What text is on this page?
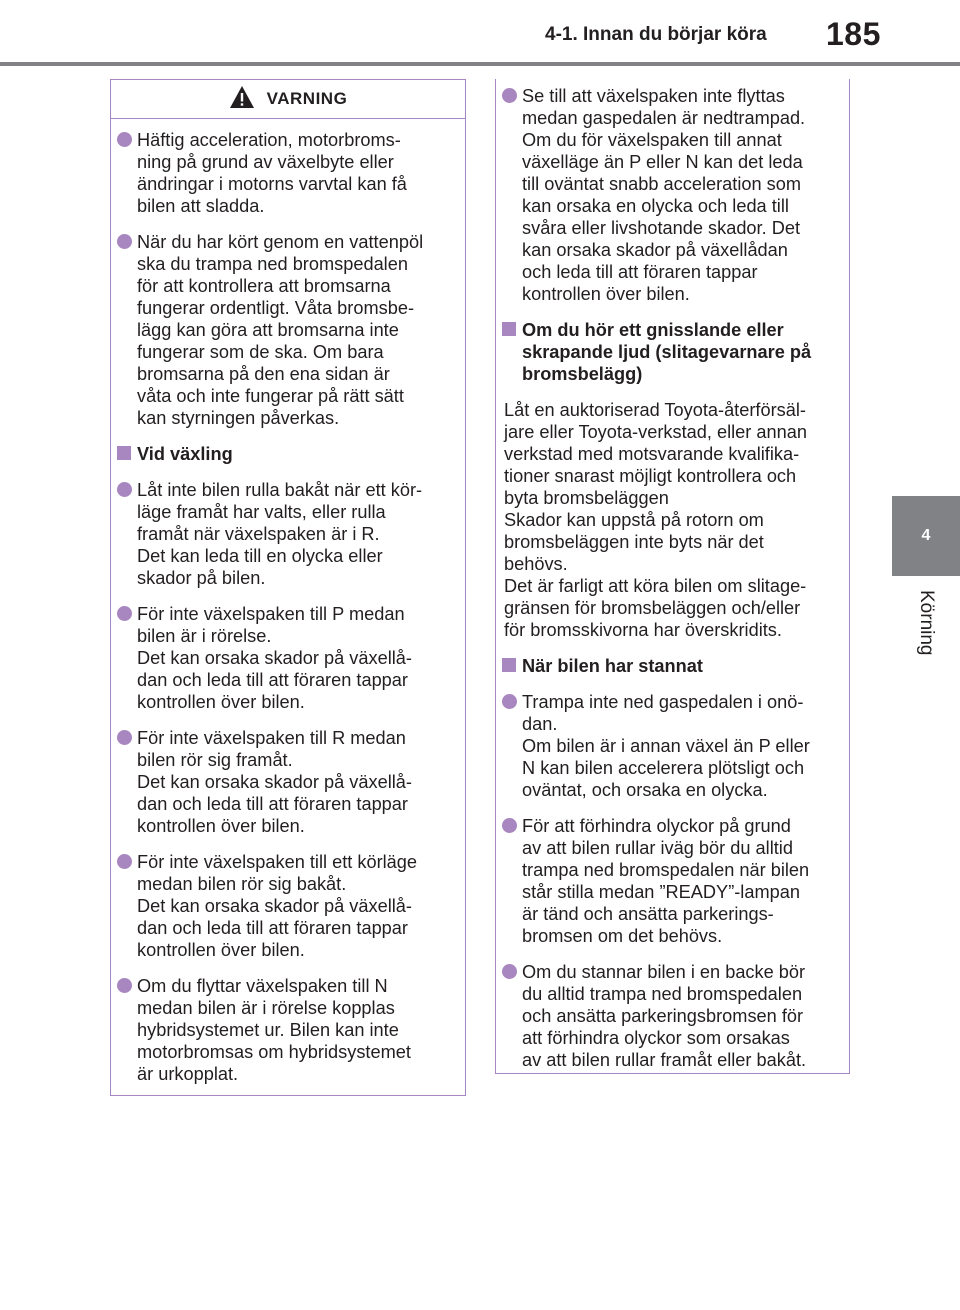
4-1. Innan du börjar köra 185
4
Körning
VARNING
Häftig acceleration, motorbroms-
ning på grund av växelbyte eller
ändringar i motorns varvtal kan få
bilen att sladda.
När du har kört genom en vattenpöl
ska du trampa ned bromspedalen
för att kontrollera att bromsarna
fungerar ordentligt. Våta bromsbe-
lägg kan göra att bromsarna inte
fungerar som de ska. Om bara
bromsarna på den ena sidan är
våta och inte fungerar på rätt sätt
kan styrningen påverkas.
Vid växling
Låt inte bilen rulla bakåt när ett kör-
läge framåt har valts, eller rulla
framåt när växelspaken är i R.
Det kan leda till en olycka eller
skador på bilen.
För inte växelspaken till P medan
bilen är i rörelse.
Det kan orsaka skador på växellå-
dan och leda till att föraren tappar
kontrollen över bilen.
För inte växelspaken till R medan
bilen rör sig framåt.
Det kan orsaka skador på växellå-
dan och leda till att föraren tappar
kontrollen över bilen.
För inte växelspaken till ett körläge
medan bilen rör sig bakåt.
Det kan orsaka skador på växellå-
dan och leda till att föraren tappar
kontrollen över bilen.
Om du flyttar växelspaken till N
medan bilen är i rörelse kopplas
hybridsystemet ur. Bilen kan inte
motorbromsas om hybridsystemet
är urkopplat.
Se till att växelspaken inte flyttas
medan gaspedalen är nedtrampad.
Om du för växelspaken till annat
växelläge än P eller N kan det leda
till oväntat snabb acceleration som
kan orsaka en olycka och leda till
svåra eller livshotande skador. Det
kan orsaka skador på växellådan
och leda till att föraren tappar
kontrollen över bilen.
Om du hör ett gnisslande eller
skrapande ljud (slitagevarnare på
bromsbelägg)
Låt en auktoriserad Toyota-återförsäl-
jare eller Toyota-verkstad, eller annan
verkstad med motsvarande kvalifika-
tioner snarast möjligt kontrollera och
byta bromsbeläggen
Skador kan uppstå på rotorn om
bromsbeläggen inte byts när det
behövs.
Det är farligt att köra bilen om slitage-
gränsen för bromsbeläggen och/eller
för bromsskivorna har överskridits.
När bilen har stannat
Trampa inte ned gaspedalen i onö-
dan.
Om bilen är i annan växel än P eller
N kan bilen accelerera plötsligt och
oväntat, och orsaka en olycka.
För att förhindra olyckor på grund
av att bilen rullar iväg bör du alltid
trampa ned bromspedalen när bilen
står stilla medan ”READY”-lampan
är tänd och ansätta parkerings-
bromsen om det behövs.
Om du stannar bilen i en backe bör
du alltid trampa ned bromspedalen
och ansätta parkeringsbromsen för
att förhindra olyckor som orsakas
av att bilen rullar framåt eller bakåt.
